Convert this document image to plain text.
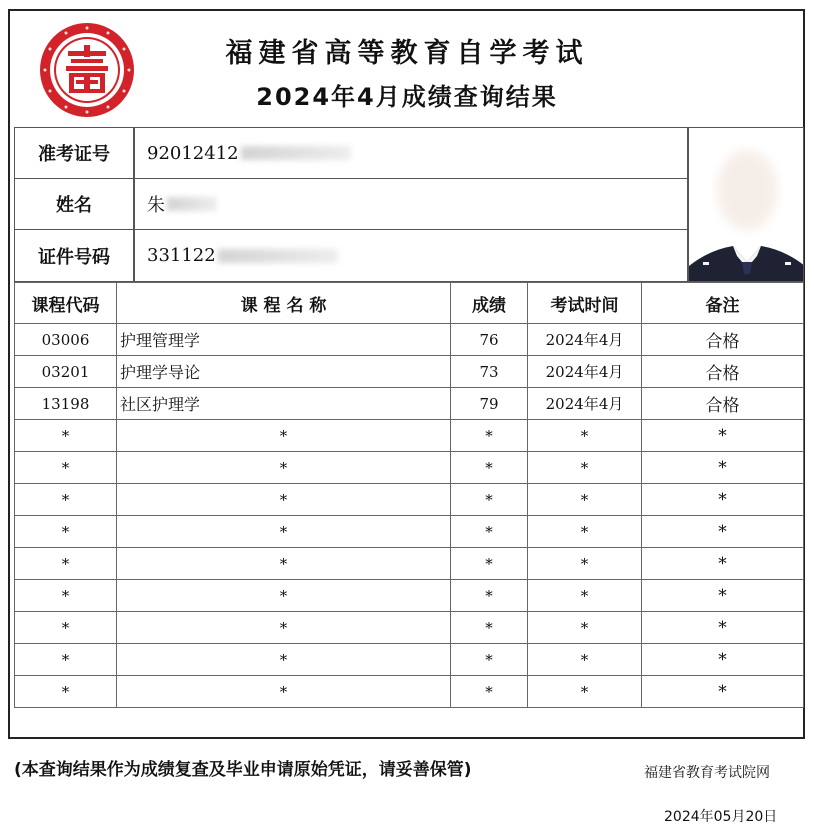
福建省高等教育自学考试
2024年4月成绩查询结果
准考证号	92012412
姓名	朱
证件号码	331122
课程代码	课 程 名 称	成绩	考试时间	备注
03006	护理管理学	76	2024年4月	合格
03201	护理学导论	73	2024年4月	合格
13198	社区护理学	79	2024年4月	合格
*	*	*	*	*
*	*	*	*	*
*	*	*	*	*
*	*	*	*	*
*	*	*	*	*
*	*	*	*	*
*	*	*	*	*
*	*	*	*	*
*	*	*	*	*
(本查询结果作为成绩复查及毕业申请原始凭证，请妥善保管)	福建省教育考试院网
2024年05月20日
